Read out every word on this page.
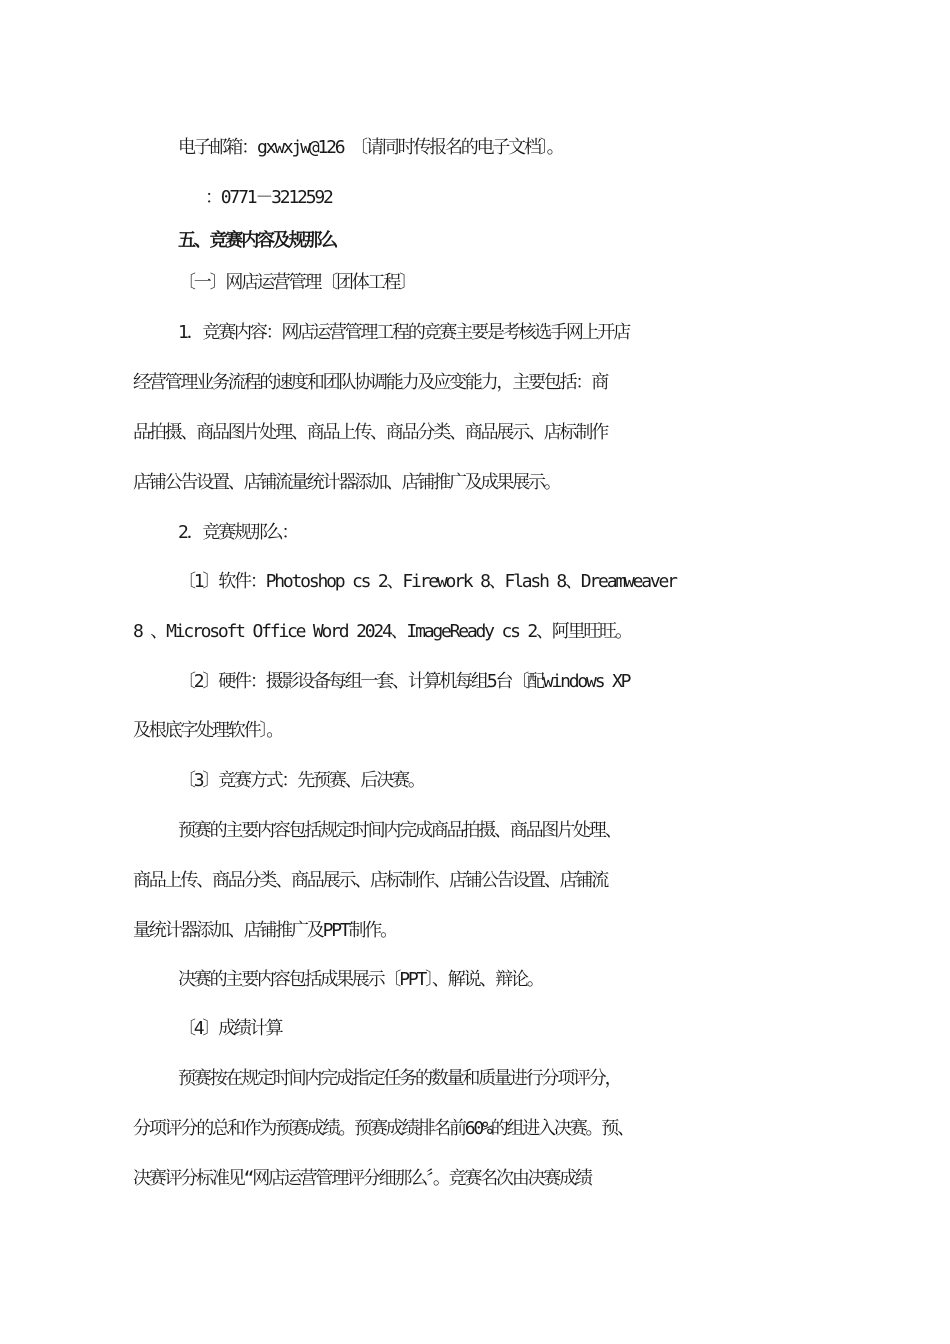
电子邮箱：gxwxjw@126　〔请同时传报名的电子文档〕。
：0771－3212592
五、竞赛内容及规那么
〔一〕网店运营管理〔团体工程〕
1．竞赛内容：网店运营管理工程的竞赛主要是考核选手网上开店
经营管理业务流程的速度和团队协调能力及应变能力，主要包括：商
品拍摄、商品图片处理、商品上传、商品分类、商品展示、店标制作
店铺公告设置、店铺流量统计器添加、店铺推广及成果展示。
2．竞赛规那么：
〔1〕软件：Photoshop cs 2、Firework 8、Flash 8、Dreamweaver
8 、Microsoft Office Word 2024、ImageReady cs 2、阿里旺旺。
〔2〕硬件：摄影设备每组一套、计算机每组5台〔配windows XP
及根底字处理软件〕。
〔3〕竞赛方式：先预赛、后决赛。
预赛的主要内容包括规定时间内完成商品拍摄、商品图片处理、
商品上传、商品分类、商品展示、店标制作、店铺公告设置、店铺流
量统计器添加、店铺推广及PPT制作。
决赛的主要内容包括成果展示〔PPT〕、解说、辩论。
〔4〕成绩计算
预赛按在规定时间内完成指定任务的数量和质量进行分项评分，
分项评分的总和作为预赛成绩。预赛成绩排名前60%的组进入决赛。预、
决赛评分标准见“网店运营管理评分细那么〞。竞赛名次由决赛成绩
